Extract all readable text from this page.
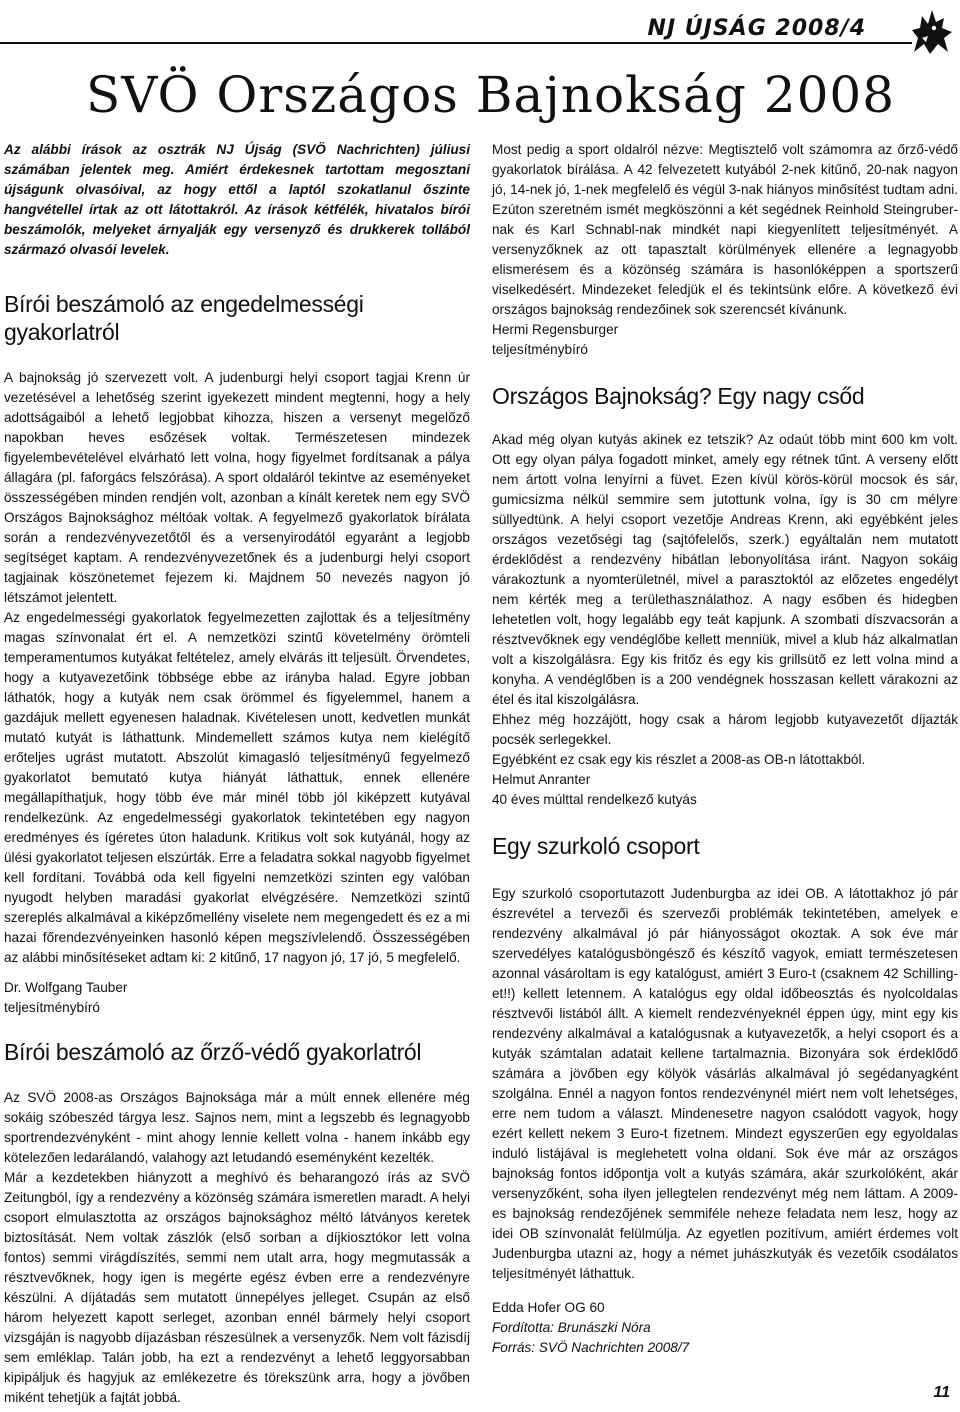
NJ ÚJSÁG 2008/4
SVÖ Országos Bajnokság 2008

Az alábbi írások az osztrák NJ Újság (SVÖ Nachrichten) júliusi számában jelentek meg. Amiért érdekesnek tartottam megosztani újságunk olvasóival, az hogy ettől a laptól szokatlanul őszinte hangvétellel írtak az ott látottakról. Az írások kétfélék, hivatalos bírói beszámolók, melyeket árnyalják egy versenyző és drukkerek tollából származó olvasói levelek.

Bírói beszámoló az engedelmességi gyakorlatról

A bajnokság jó szervezett volt. A judenburgi helyi csoport tagjai Krenn úr vezetésével a lehetőség szerint igyekezett mindent megtenni, hogy a hely adottságaiból a lehető legjobbat kihozza, hiszen a versenyt megelőző napokban heves esőzések voltak. Természetesen mindezek figyelembevételével elvárható lett volna, hogy figyelmet fordítsanak a pálya állagára (pl. faforgács felszórása). A sport oldaláról tekintve az eseményeket összességében minden rendjén volt, azonban a kínált keretek nem egy SVÖ Országos Bajnoksághoz méltóak voltak. A fegyelmező gyakorlatok bírálata során a rendezvényvezetőtől és a versenyirodától egyaránt a legjobb segítséget kaptam. A rendezvényvezetőnek és a judenburgi helyi csoport tagjainak köszönetemet fejezem ki. Majdnem 50 nevezés nagyon jó létszámot jelentett.

Az engedelmességi gyakorlatok fegyelmezetten zajlottak és a teljesítmény magas színvonalat ért el. A nemzetközi szintű követelmény örömteli temperamentumos kutyákat feltételez, amely elvárás itt teljesült. Örvendetes, hogy a kutyavezetőink többsége ebbe az irányba halad. Egyre jobban láthatók, hogy a kutyák nem csak örömmel és figyelemmel, hanem a gazdájuk mellett egyenesen haladnak. Kivételesen unott, kedvetlen munkát mutató kutyát is láthattunk. Mindemellett számos kutya nem kielégítő erőteljes ugrást mutatott. Abszolút kimagasló teljesítményű fegyelmező gyakorlatot bemutató kutya hiányát láthattuk, ennek ellenére megállapíthatjuk, hogy több éve már minél több jól kiképzett kutyával rendelkezünk. Az engedelmességi gyakorlatok tekintetében egy nagyon eredményes és ígéretes úton haladunk. Kritikus volt sok kutyánál, hogy az ülési gyakorlatot teljesen elszúrták. Erre a feladatra sokkal nagyobb figyelmet kell fordítani. Továbbá oda kell figyelni nemzetközi szinten egy valóban nyugodt helyben maradási gyakorlat elvégzésére. Nemzetközi szintű szereplés alkalmával a kiképzőmellény viselete nem megengedett és ez a mi hazai főrendezvényeinken hasonló képen megszívlelendő. Összességében az alábbi minősítéseket adtam ki: 2 kitűnő, 17 nagyon jó, 17 jó, 5 megfelelő.

Dr. Wolfgang Tauber

teljesítménybíró

Bírói beszámoló az őrző-védő gyakorlatról

Az SVÖ 2008-as Országos Bajnoksága már a múlt ennek ellenére még sokáig szóbeszéd tárgya lesz. Sajnos nem, mint a legszebb és legnagyobb sportrendezvényként - mint ahogy lennie kellett volna - hanem inkább egy kötelezően ledarálandó, valahogy azt letudandó eseményként kezelték.

Már a kezdetekben hiányzott a meghívó és beharangozó írás az SVÖ Zeitungból, így a rendezvény a közönség számára ismeretlen maradt. A helyi csoport elmulasztotta az országos bajnoksághoz méltó látványos keretek biztosítását. Nem voltak zászlók (első sorban a díjkiosztókor lett volna fontos) semmi virágdíszítés, semmi nem utalt arra, hogy megmutassák a résztvevőknek, hogy igen is megérte egész évben erre a rendezvényre készülni. A díjátadás sem mutatott ünnepélyes jelleget. Csupán az első három helyezett kapott serleget, azonban ennél bármely helyi csoport vizsgáján is nagyobb díjazásban részesülnek a versenyzők. Nem volt fázisdíj sem emléklap. Talán jobb, ha ezt a rendezvényt a lehető leggyorsabban kipipáljuk és hagyjuk az emlékezetre és törekszünk arra, hogy a jövőben miként tehetjük a fajtát jobbá.

Most pedig a sport oldalról nézve: Megtisztelő volt számomra az őrző-védő gyakorlatok bírálása. A 42 felvezetett kutyából 2-nek kitűnő, 20-nak nagyon jó, 14-nek jó, 1-nek megfelelő és végül 3-nak hiányos minősítést tudtam adni. Ezúton szeretném ismét megköszönni a két segédnek Reinhold Steingruber-nak és Karl Schnabl-nak mindkét napi kiegyenlített teljesítményét. A versenyzőknek az ott tapasztalt körülmények ellenére a legnagyobb elismerésem és a közönség számára is hasonlóképpen a sportszerű viselkedésért. Mindezeket feledjük el és tekintsünk előre. A következő évi országos bajnokság rendezőinek sok szerencsét kívánunk.

Hermi Regensburger

teljesítménybíró

Országos Bajnokság? Egy nagy csőd

Akad még olyan kutyás akinek ez tetszik? Az odaút több mint 600 km volt. Ott egy olyan pálya fogadott minket, amely egy rétnek tűnt. A verseny előtt nem ártott volna lenyírni a füvet. Ezen kívül körös-körül mocsok és sár, gumicsizma nélkül semmire sem jutottunk volna, így is 30 cm mélyre süllyedtünk. A helyi csoport vezetője Andreas Krenn, aki egyébként jeles országos vezetőségi tag (sajtófelelős, szerk.) egyáltalán nem mutatott érdeklődést a rendezvény hibátlan lebonyolítása iránt. Nagyon sokáig várakoztunk a nyomterületnél, mivel a parasztoktól az előzetes engedélyt nem kérték meg a területhasználathoz. A nagy esőben és hidegben lehetetlen volt, hogy legalább egy teát kapjunk. A szombati díszvacsorán a résztvevőknek egy vendéglőbe kellett menniük, mivel a klub ház alkalmatlan volt a kiszolgálásra. Egy kis fritőz és egy kis grillsütő ez lett volna mind a konyha. A vendéglőben is a 200 vendégnek hosszasan kellett várakozni az étel és ital kiszolgálásra.

Ehhez még hozzájött, hogy csak a három legjobb kutyavezetőt díjazták pocsék serlegekkel.

Egyébként ez csak egy kis részlet a 2008-as OB-n látottakból.

Helmut Anranter

40 éves múlttal rendelkező kutyás

Egy szurkoló csoport

Egy szurkoló csoportutazott Judenburgba az idei OB. A látottakhoz jó pár észrevétel a tervezői és szervezői problémák tekintetében, amelyek e rendezvény alkalmával jó pár hiányosságot okoztak. A sok éve már szervedélyes katalógusböngésző és készítő vagyok, emiatt természetesen azonnal vásároltam is egy katalógust, amiért 3 Euro-t (csaknem 42 Schilling-et!!) kellett letennem. A katalógus egy oldal időbeosztás és nyolcoldalas résztvevői listából állt. A kiemelt rendezvényeknél éppen úgy, mint egy kis rendezvény alkalmával a katalógusnak a kutyavezetők, a helyi csoport és a kutyák számtalan adatait kellene tartalmaznia. Bizonyára sok érdeklődő számára a jövőben egy kölyök vásárlás alkalmával jó segédanyagként szolgálna. Ennél a nagyon fontos rendezvénynél miért nem volt lehetséges, erre nem tudom a választ. Mindenesetre nagyon csalódott vagyok, hogy ezért kellett nekem 3 Euro-t fizetnem. Mindezt egyszerűen egy egyoldalas induló listájával is meglehetett volna oldani. Sok éve már az országos bajnokság fontos időpontja volt a kutyás számára, akár szurkolóként, akár versenyzőként, soha ilyen jellegtelen rendezvényt még nem láttam. A 2009-es bajnokság rendezőjének semmiféle neheze feladata nem lesz, hogy az idei OB színvonalát felülmúlja. Az egyetlen pozitívum, amiért érdemes volt Judenburgba utazni az, hogy a német juhászkutyák és vezetőik csodálatos teljesítményét láthattuk.

Edda Hofer OG 60

Fordította: Brunászki Nóra

Forrás: SVÖ Nachrichten 2008/7

11
